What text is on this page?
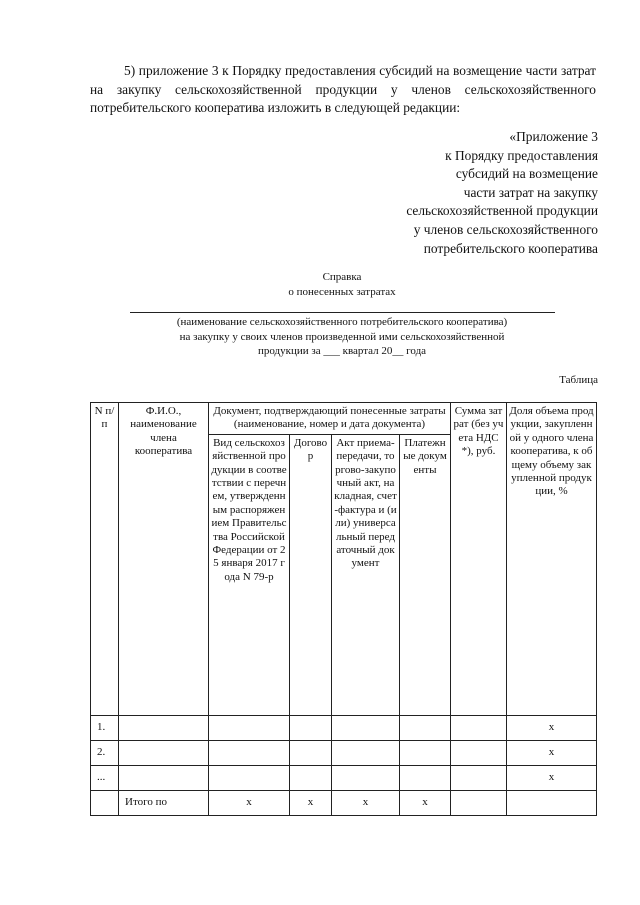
5) приложение 3 к Порядку предоставления субсидий на возмещение части затрат на закупку сельскохозяйственной продукции у членов сельскохозяйственного потребительского кооператива изложить в следующей редакции:
«Приложение 3
к Порядку предоставления
субсидий на возмещение
части затрат на закупку
сельскохозяйственной продукции
у членов сельскохозяйственного
потребительского кооператива
Справка
о понесенных затратах
(наименование сельскохозяйственного потребительского кооператива)
на закупку у своих членов произведенной ими сельскохозяйственной
продукции за ___ квартал 20__ года
Таблица
N п/п	Ф.И.О., наименование члена кооператива	Документ, подтверждающий понесенные затраты (наименование, номер и дата документа)				Сумма затрат (без учета НДС *), руб.	Доля объема продукции, закупленной у одного члена кооператива, к общему объему закупленной продукции, %
		Вид сельскохозяйственной продукции в соответствии с перечнем, утвержденным распоряжением Правительства Российской Федерации от 25 января 2017 года N 79-р	Договор	Акт приема-передачи, торгово-закупочный акт, накладная, счет-фактура и (или) универсальный передаточный документ	Платежные документы		
1.							х
2.							х
...							х
	Итого по	х	х	х	х		
